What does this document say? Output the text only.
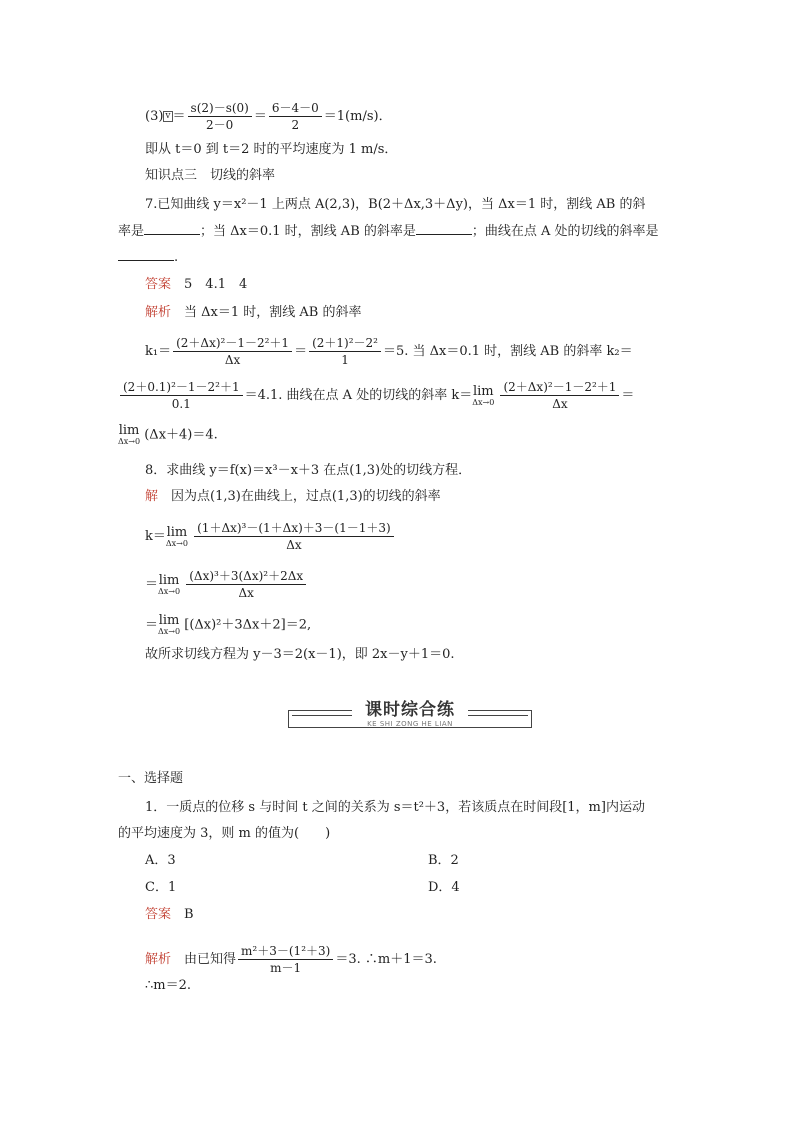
(3) $v = \frac{s(2)-s(0)}{2-0} = \frac{6-4-0}{2} =1(m/s)$．
即从 t＝0 到 t＝2 时的平均速度为 1 m/s．
知识点三　切线的斜率
7.已知曲线 y＝x²－1 上两点 A(2,3)，B(2＋Δx,3＋Δy)，当 Δx＝1 时，割线 AB 的斜
率是	；当 Δx＝0.1 时，割线 AB 的斜率是	；曲线在点 A 处的切线的斜率是
.
答案　 5　4.1　4
解析　 当 Δx＝1 时，割线 AB 的斜率
$k_1= \frac{\text{(2＋Δx)²－1－2²＋1}}{\Delta x} = \frac{\text{(2＋1)²－2²}}{1} =5$. 当 Δx＝0.1 时，割线 AB 的斜率 k₂＝
$\frac{\text{(2＋0.1)²－1－2²＋1}}{0.1} =4.1$. 曲线在点 A 处的切线的斜率 k＝ lim
Δx→0
$\frac{\text{(2＋Δx)²－1－2²＋1}}{\Delta x}$ ＝
lim
Δx→0 (Δx＋4)＝4.
8．求曲线 y＝f(x)＝x³－x＋3 在点(1,3)处的切线方程．
解　 因为点(1,3)在曲线上，过点(1,3)的切线的斜率
k＝ lim
Δx→0
$\frac{\text{(1＋Δx)³－(1＋Δx)＋3－(1－1＋3)}}{\Delta x}$
＝ lim
Δx→0
$\frac{\text{(Δx)³＋3(Δx)²＋2Δx}}{\Delta x}$
＝ lim
Δx→0 [(Δx)²＋3Δx＋2]＝2,
故所求切线方程为 y－3＝2(x－1)，即 2x－y＋1＝0.
课时综合练
KE SHI ZONG HE LIAN
一、选择题
1．一质点的位移 s 与时间 t 之间的关系为 s＝t²＋3，若该质点在时间段[1，m]内运动
的平均速度为 3，则 m 的值为(　　)
A．3	B．2
C．1	D．4
答案　 B
解析　 由已知得 $\frac{\text{m²＋3－(1²＋3)}}{m-1} =3$. ∴m＋1＝3.
∴m＝2.
